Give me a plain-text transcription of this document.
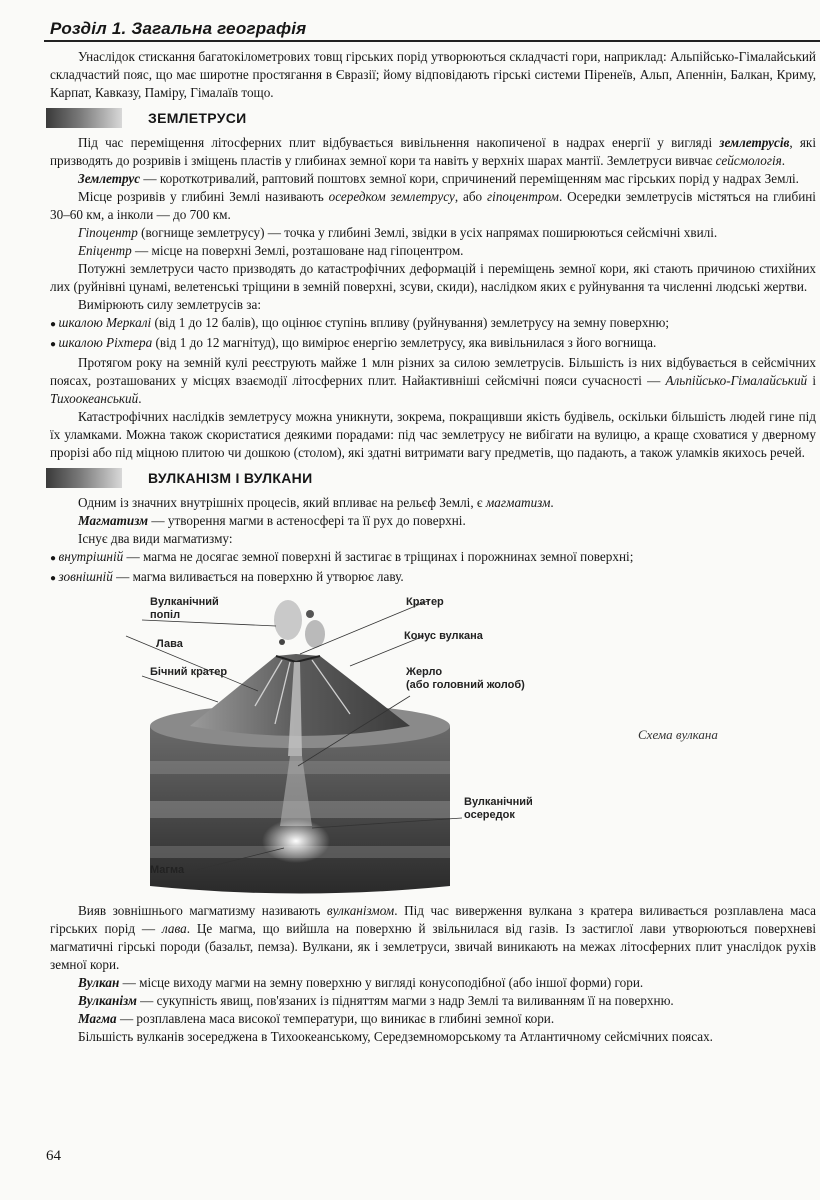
Розділ 1. Загальна географія

Унаслідок стискання багатокілометрових товщ гірських порід утворюються складчасті гори, наприклад: Альпійсько-Гімалайський складчастий пояс, що має широтне простягання в Євразії; йому відповідають гірські системи Піренеїв, Альп, Апеннін, Балкан, Криму, Карпат, Кавказу, Паміру, Гімалаїв тощо.

ЗЕМЛЕТРУСИ

Під час переміщення літосферних плит відбувається вивільнення накопиченої в надрах енергії у вигляді землетрусів, які призводять до розривів і зміщень пластів у глибинах земної кори та навіть у верхніх шарах мантії. Землетруси вивчає сейсмологія.

Землетрус — короткотривалий, раптовий поштовх земної кори, спричинений переміщенням мас гірських порід у надрах Землі.

Місце розривів у глибині Землі називають осередком землетрусу, або гіпоцентром. Осередки землетрусів містяться на глибині 30–60 км, а інколи — до 700 км.

Гіпоцентр (вогнище землетрусу) — точка у глибині Землі, звідки в усіх напрямах поширюються сейсмічні хвилі.

Епіцентр — місце на поверхні Землі, розташоване над гіпоцентром.

Потужні землетруси часто призводять до катастрофічних деформацій і переміщень земної кори, які стають причиною стихійних лих (руйнівні цунамі, велетенські тріщини в земній поверхні, зсуви, скиди), наслідком яких є руйнування та численні людські жертви.

Вимірюють силу землетрусів за:

● шкалою Меркалі (від 1 до 12 балів), що оцінює ступінь впливу (руйнування) землетрусу на земну поверхню;

● шкалою Ріхтера (від 1 до 12 магнітуд), що вимірює енергію землетрусу, яка вивільнилася з його вогнища.

Протягом року на земній кулі реєструють майже 1 млн різних за силою землетрусів. Більшість із них відбувається в сейсмічних поясах, розташованих у місцях взаємодії літосферних плит. Найактивніші сейсмічні пояси сучасності — Альпійсько-Гімалайський і Тихоокеанський.

Катастрофічних наслідків землетрусу можна уникнути, зокрема, покращивши якість будівель, оскільки більшість людей гине під їх уламками. Можна також скористатися деякими порадами: під час землетрусу не вибігати на вулицю, а краще сховатися у дверному прорізі або під міцною плитою чи дошкою (столом), які здатні витримати вагу предметів, що падають, а також уламків якихось речей.

ВУЛКАНІЗМ І ВУЛКАНИ

Одним із значних внутрішніх процесів, який впливає на рельєф Землі, є магматизм.

Магматизм — утворення магми в астеносфері та її рух до поверхні.

Існує два види магматизму:

● внутрішній — магма не досягає земної поверхні й застигає в тріщинах і порожнинах земної поверхні;

● зовнішній — магма виливається на поверхню й утворює лаву.

Вулканічний
попіл
Кратер
Лава
Конус вулкана
Бічний кратер	Жерло
(або головний жолоб)
Вулканічний
осередок
Магма
Схема вулкана

Вияв зовнішнього магматизму називають вулканізмом. Під час виверження вулкана з кратера виливається розплавлена маса гірських порід — лава. Це магма, що вийшла на поверхню й звільнилася від газів. Із застиглої лави утворюються поверхневі магматичні гірські породи (базальт, пемза). Вулкани, як і землетруси, звичай виникають на межах літосферних плит унаслідок рухів земної кори.

Вулкан — місце виходу магми на земну поверхню у вигляді конусоподібної (або іншої форми) гори.

Вулканізм — сукупність явищ, пов'язаних із підняттям магми з надр Землі та виливанням її на поверхню.

Магма — розплавлена маса високої температури, що виникає в глибині земної кори.

Більшість вулканів зосереджена в Тихоокеанському, Середземноморському та Атлантичному сейсмічних поясах.

64
